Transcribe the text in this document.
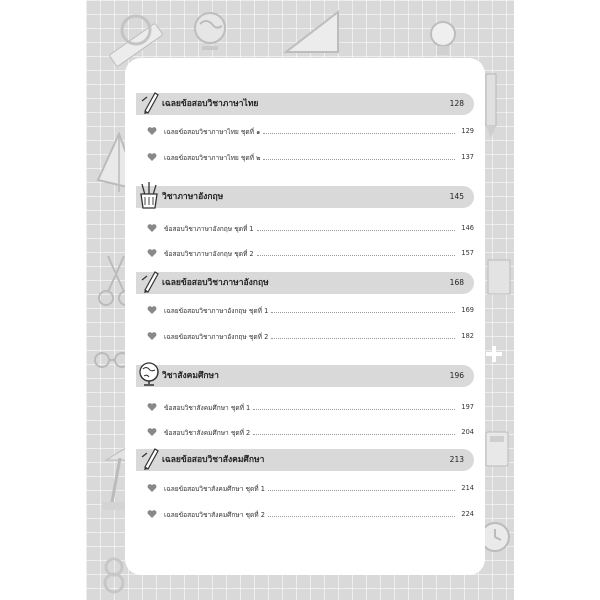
เฉลยข้อสอบวิชาภาษาไทย	128
เฉลยข้อสอบวิชาภาษาไทย ชุดที่ ๑	129
เฉลยข้อสอบวิชาภาษาไทย ชุดที่ ๒	137
วิชาภาษาอังกฤษ	145
ข้อสอบวิชาภาษาอังกฤษ ชุดที่ 1	146
ข้อสอบวิชาภาษาอังกฤษ ชุดที่ 2	157
เฉลยข้อสอบวิชาภาษาอังกฤษ	168
เฉลยข้อสอบวิชาภาษาอังกฤษ ชุดที่ 1	169
เฉลยข้อสอบวิชาภาษาอังกฤษ ชุดที่ 2	182
วิชาสังคมศึกษา	196
ข้อสอบวิชาสังคมศึกษา ชุดที่ 1	197
ข้อสอบวิชาสังคมศึกษา ชุดที่ 2	204
เฉลยข้อสอบวิชาสังคมศึกษา	213
เฉลยข้อสอบวิชาสังคมศึกษา ชุดที่ 1	214
เฉลยข้อสอบวิชาสังคมศึกษา ชุดที่ 2	224
